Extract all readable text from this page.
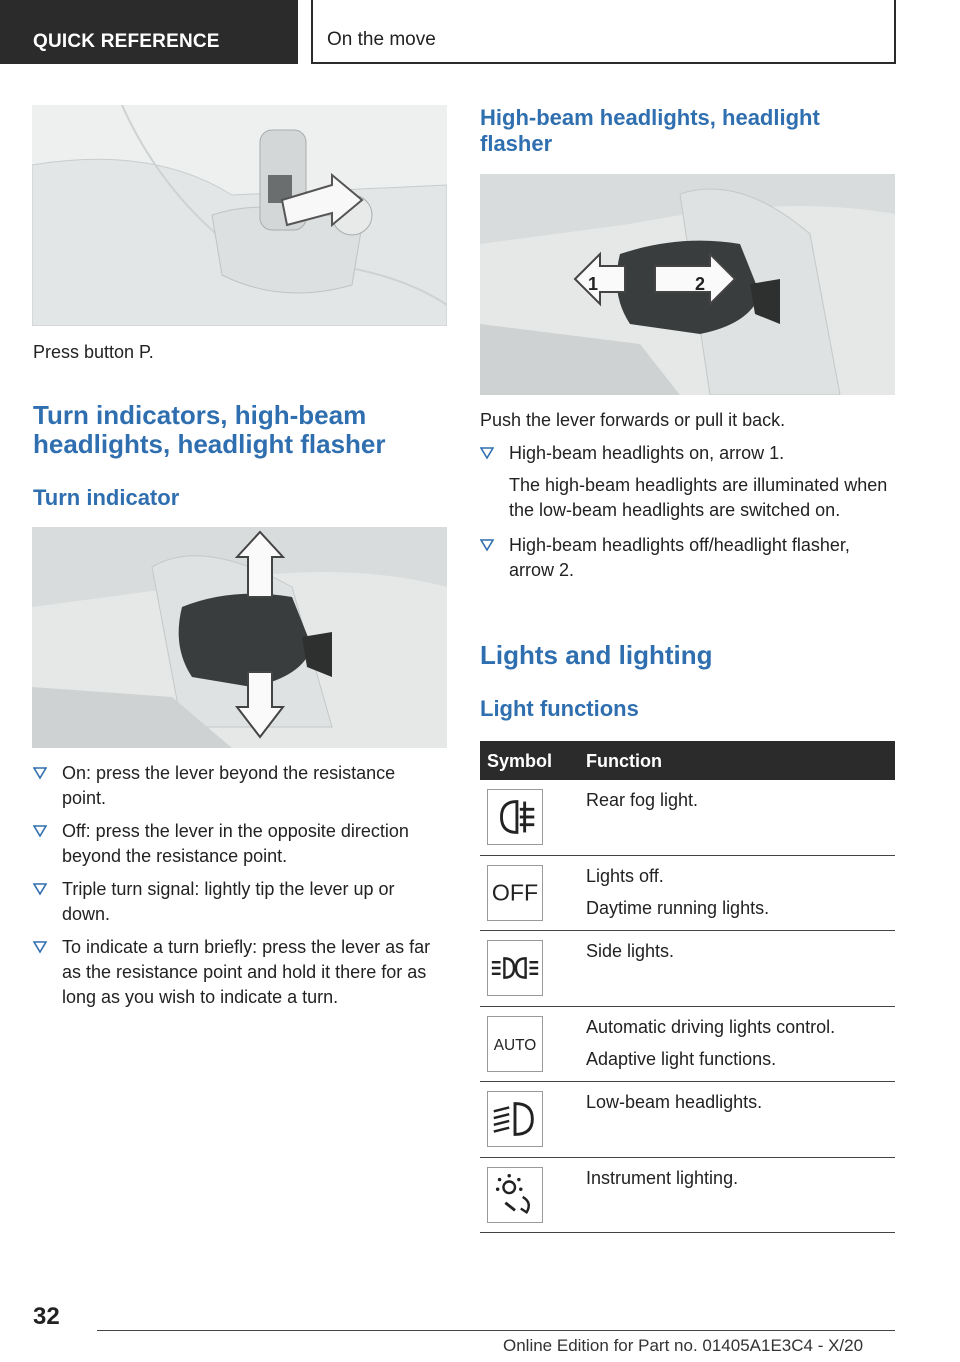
QUICK REFERENCE	On the move
Press button P.
Turn indicators, high-beam headlights, headlight flasher
Turn indicator
On: press the lever beyond the resistance point.
Off: press the lever in the opposite direction beyond the resistance point.
Triple turn signal: lightly tip the lever up or down.
To indicate a turn briefly: press the lever as far as the resistance point and hold it there for as long as you wish to indicate a turn.
High-beam headlights, headlight flasher
1	2
Push the lever forwards or pull it back.
High-beam headlights on, arrow 1.
The high-beam headlights are illuminated when the low-beam headlights are switched on.
High-beam headlights off/headlight flasher, arrow 2.
Lights and lighting
Light functions
Symbol Function
Rear fog light.
OFF
Lights off.
Daytime running lights.
Side lights.
AUTO
Automatic driving lights control.
Adaptive light functions.
Low-beam headlights.
Instrument lighting.
32
Online Edition for Part no. 01405A1E3C4 - X/20
